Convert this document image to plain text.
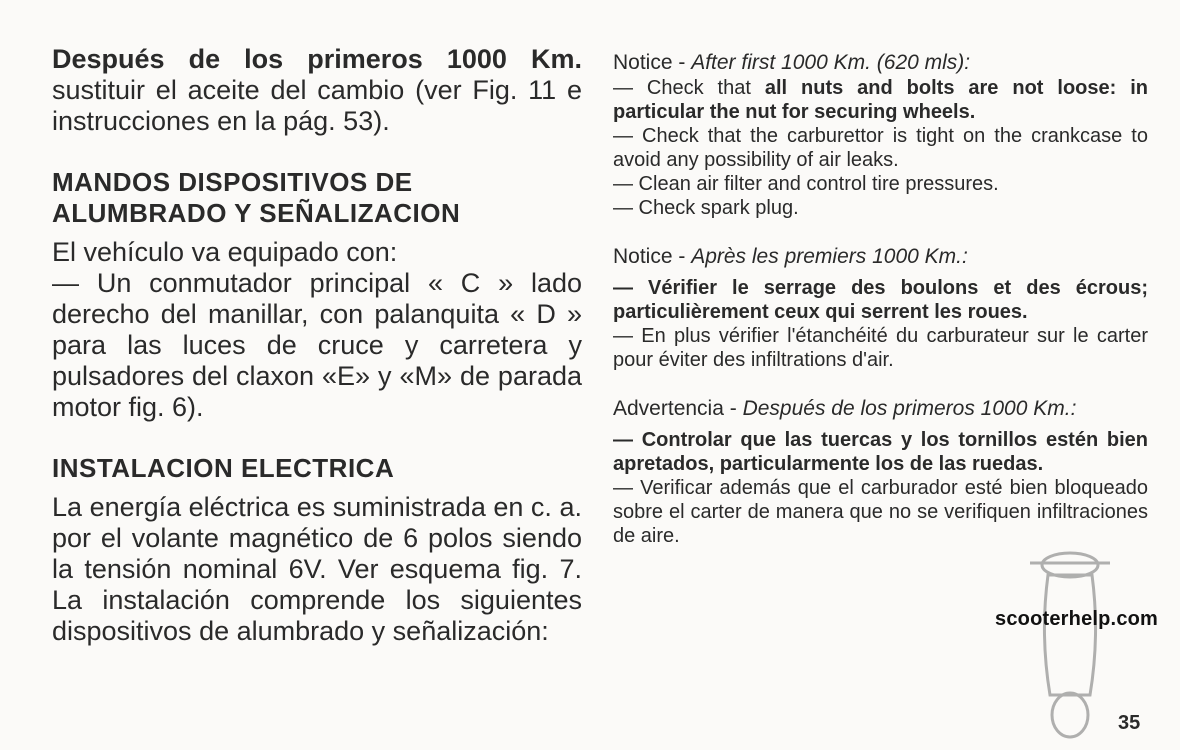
Después de los primeros 1000 Km. sustituir el aceite del cambio (ver Fig. 11 e instrucciones en la pág. 53).

MANDOS DISPOSITIVOS DE ALUMBRADO Y SEÑALIZACION

El vehículo va equipado con:

— Un conmutador principal « C » lado derecho del manillar, con palanquita « D » para las luces de cruce y carretera y pulsadores del claxon «E» y «M» de parada motor fig. 6).

INSTALACION ELECTRICA

La energía eléctrica es suministrada en c. a. por el volante magnético de 6 polos siendo la tensión nominal 6V. Ver esquema fig. 7. La instalación comprende los siguientes dispositivos de alumbrado y señalización:

Notice - After first 1000 Km. (620 mls):

— Check that all nuts and bolts are not loose: in particular the nut for securing wheels.

— Check that the carburettor is tight on the crankcase to avoid any possibility of air leaks.

— Clean air filter and control tire pressures.

— Check spark plug.

Notice - Après les premiers 1000 Km.:

— Vérifier le serrage des boulons et des écrous; particulièrement ceux qui serrent les roues.

— En plus vérifier l'étanchéité du carburateur sur le carter pour éviter des infiltrations d'air.

Advertencia - Después de los primeros 1000 Km.:

— Controlar que las tuercas y los tornillos estén bien apretados, particularmente los de las ruedas.

— Verificar además que el carburador esté bien bloqueado sobre el carter de manera que no se verifiquen infiltraciones de aire.

scooterhelp.com
35
